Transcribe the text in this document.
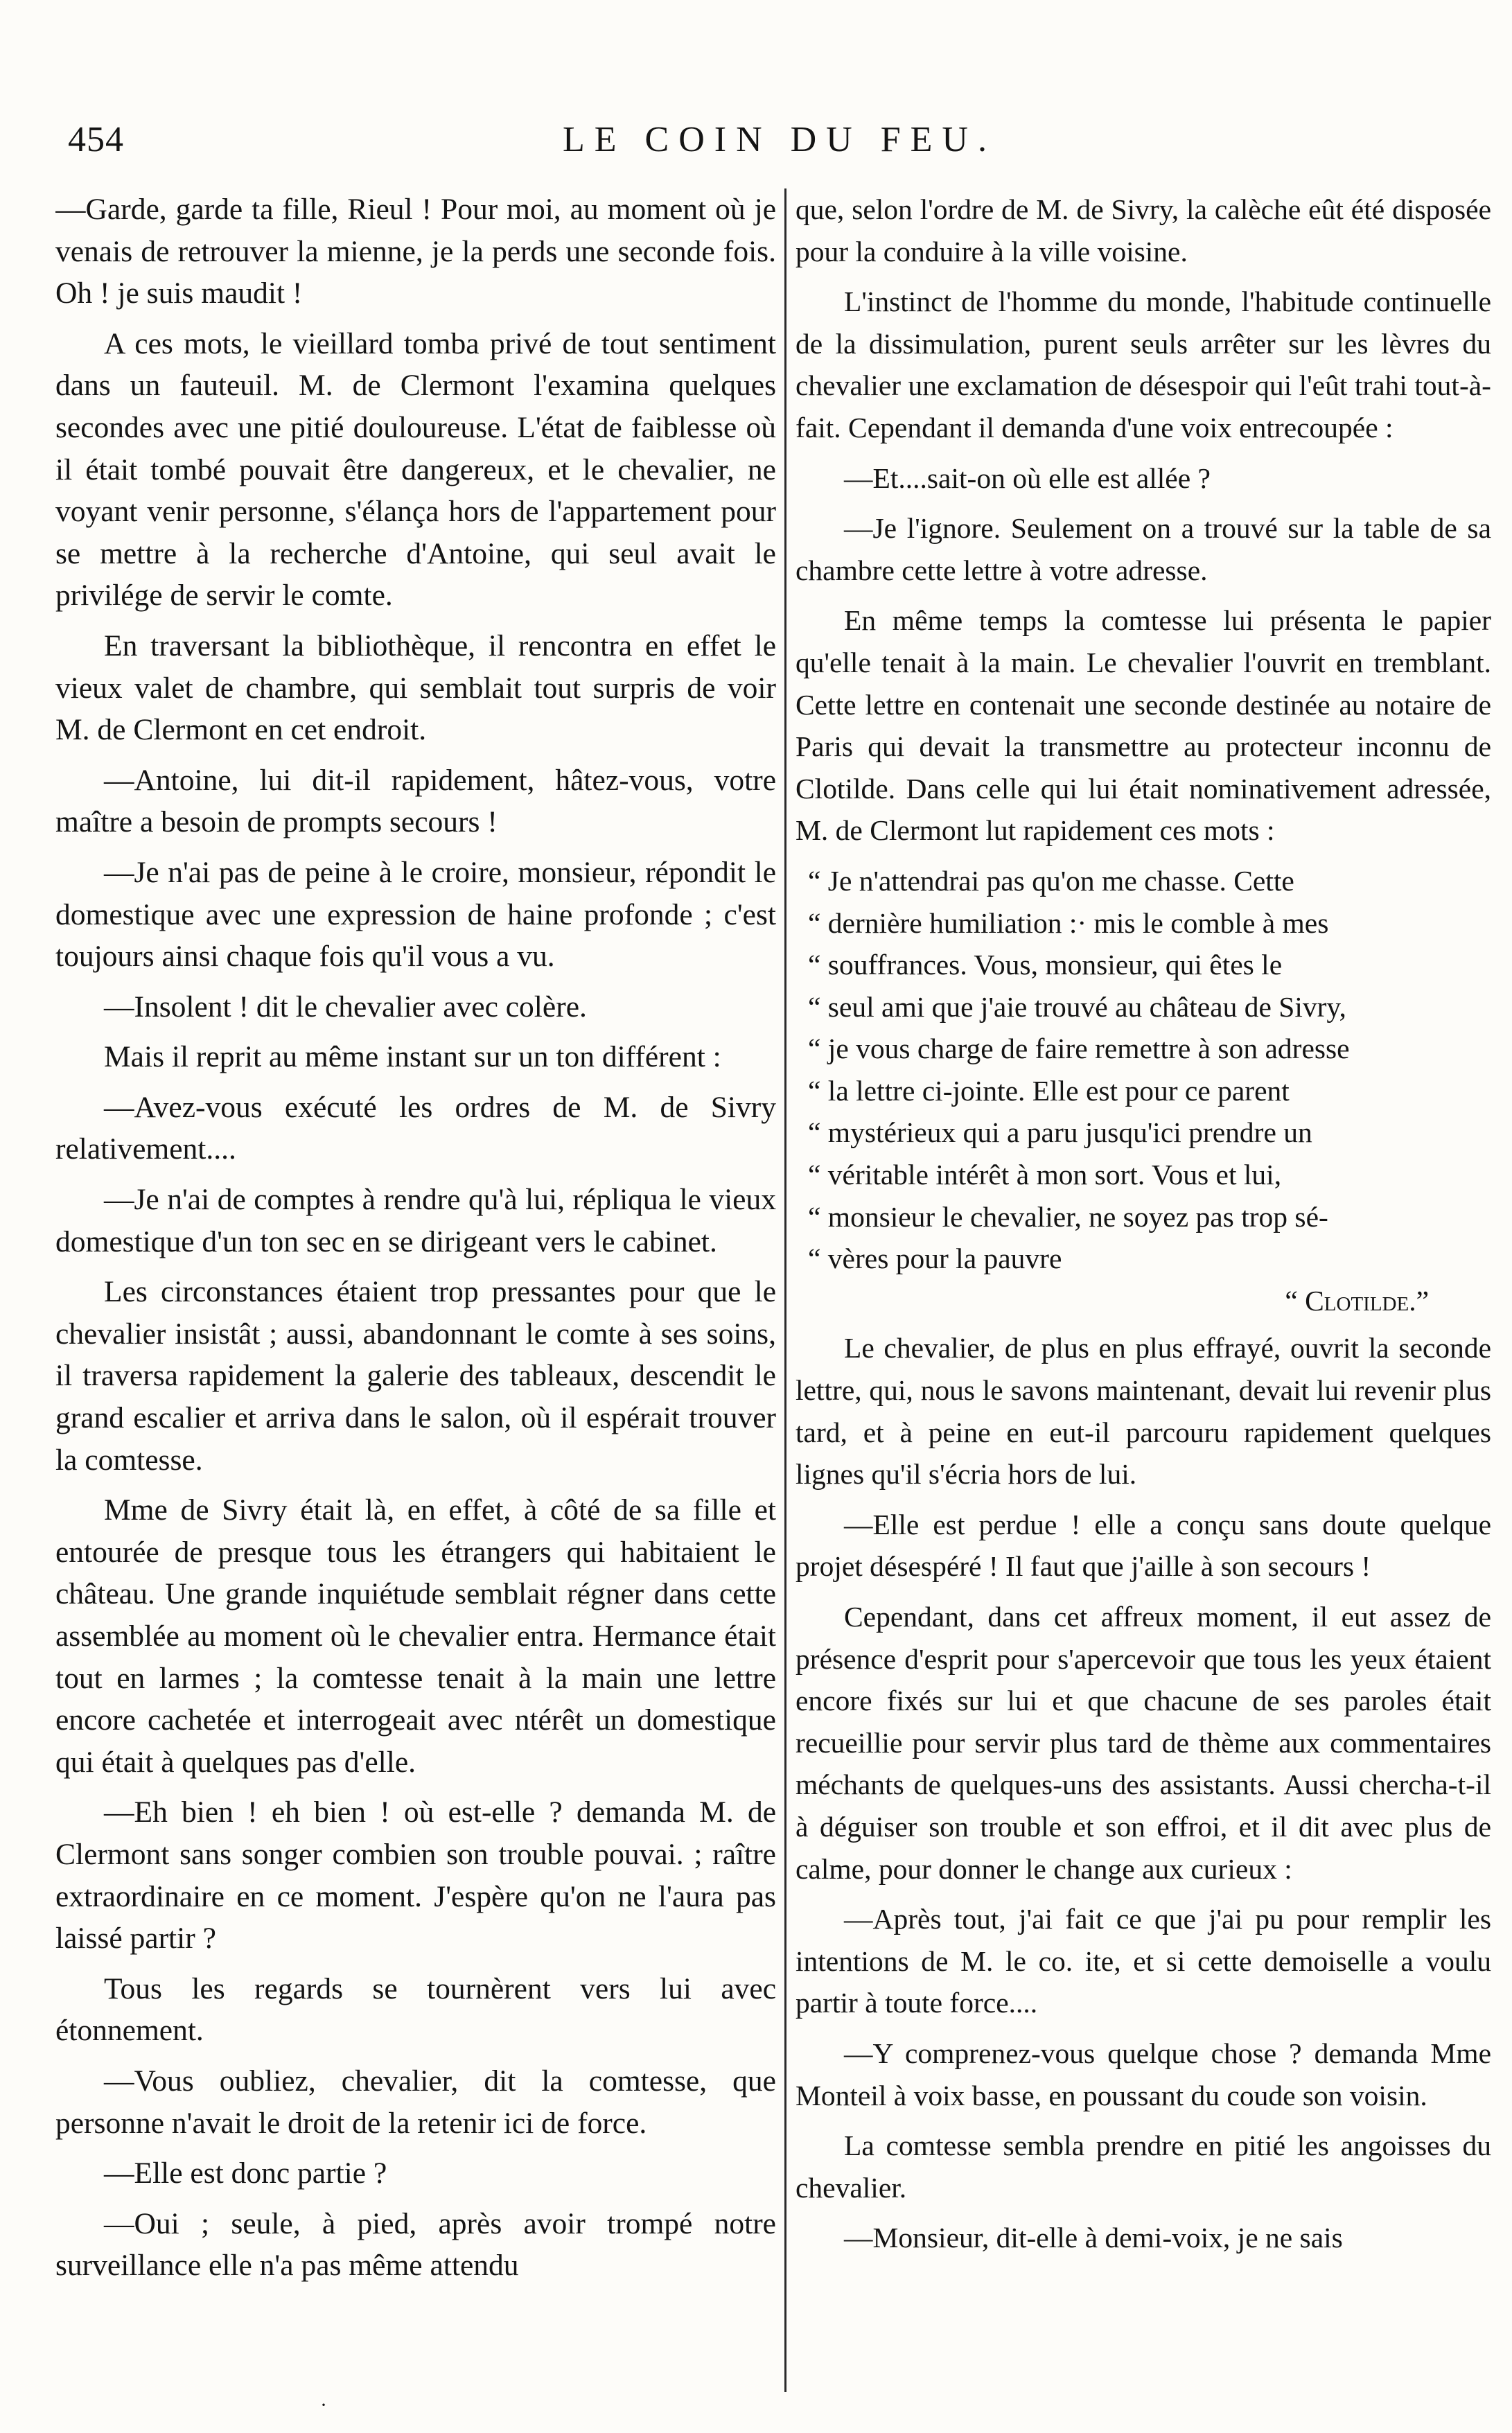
454	LE COIN DU FEU.

—Garde, garde ta fille, Rieul ! Pour moi, au moment où je venais de retrouver la mienne, je la perds une seconde fois. Oh ! je suis maudit !

A ces mots, le vieillard tomba privé de tout sentiment dans un fauteuil. M. de Clermont l'examina quelques secondes avec une pitié douloureuse. L'état de faiblesse où il était tombé pouvait être dangereux, et le chevalier, ne voyant venir personne, s'élança hors de l'appartement pour se mettre à la recherche d'Antoine, qui seul avait le privilége de servir le comte.

En traversant la bibliothèque, il rencontra en effet le vieux valet de chambre, qui semblait tout surpris de voir M. de Clermont en cet endroit.

—Antoine, lui dit-il rapidement, hâtez-vous, votre maître a besoin de prompts secours !

—Je n'ai pas de peine à le croire, monsieur, répondit le domestique avec une expression de haine profonde ; c'est toujours ainsi chaque fois qu'il vous a vu.

—Insolent ! dit le chevalier avec colère.

Mais il reprit au même instant sur un ton différent :

—Avez-vous exécuté les ordres de M. de Sivry relativement....

—Je n'ai de comptes à rendre qu'à lui, répliqua le vieux domestique d'un ton sec en se dirigeant vers le cabinet.

Les circonstances étaient trop pressantes pour que le chevalier insistât ; aussi, abandonnant le comte à ses soins, il traversa rapidement la galerie des tableaux, descendit le grand escalier et arriva dans le salon, où il espérait trouver la comtesse.

Mme de Sivry était là, en effet, à côté de sa fille et entourée de presque tous les étrangers qui habitaient le château. Une grande inquiétude semblait régner dans cette assemblée au moment où le chevalier entra. Hermance était tout en larmes ; la comtesse tenait à la main une lettre encore cachetée et interrogeait avec ntérêt un domestique qui était à quelques pas d'elle.

—Eh bien ! eh bien ! où est-elle ? demanda M. de Clermont sans songer combien son trouble pouvai. ; raître extraordinaire en ce moment. J'espère qu'on ne l'aura pas laissé partir ?

Tous les regards se tournèrent vers lui avec étonnement.

—Vous oubliez, chevalier, dit la comtesse, que personne n'avait le droit de la retenir ici de force.

—Elle est donc partie ?

—Oui ; seule, à pied, après avoir trompé notre surveillance elle n'a pas même attendu

que, selon l'ordre de M. de Sivry, la calèche eût été disposée pour la conduire à la ville voisine.

L'instinct de l'homme du monde, l'habitude continuelle de la dissimulation, purent seuls arrêter sur les lèvres du chevalier une exclamation de désespoir qui l'eût trahi tout-à-fait. Cependant il demanda d'une voix entrecoupée :

—Et....sait-on où elle est allée ?

—Je l'ignore. Seulement on a trouvé sur la table de sa chambre cette lettre à votre adresse.

En même temps la comtesse lui présenta le papier qu'elle tenait à la main. Le chevalier l'ouvrit en tremblant. Cette lettre en contenait une seconde destinée au notaire de Paris qui devait la transmettre au protecteur inconnu de Clotilde. Dans celle qui lui était nominativement adressée, M. de Clermont lut rapidement ces mots :

“ Je n'attendrai pas qu'on me chasse. Cette
“ dernière humiliation :· mis le comble à mes
“ souffrances. Vous, monsieur, qui êtes le
“ seul ami que j'aie trouvé au château de Sivry,
“ je vous charge de faire remettre à son adresse
“ la lettre ci-jointe. Elle est pour ce parent
“ mystérieux qui a paru jusqu'ici prendre un
“ véritable intérêt à mon sort. Vous et lui,
“ monsieur le chevalier, ne soyez pas trop sé-
“ vères pour la pauvre
“ Clotilde.”

Le chevalier, de plus en plus effrayé, ouvrit la seconde lettre, qui, nous le savons maintenant, devait lui revenir plus tard, et à peine en eut-il parcouru rapidement quelques lignes qu'il s'écria hors de lui.

—Elle est perdue ! elle a conçu sans doute quelque projet désespéré ! Il faut que j'aille à son secours !

Cependant, dans cet affreux moment, il eut assez de présence d'esprit pour s'apercevoir que tous les yeux étaient encore fixés sur lui et que chacune de ses paroles était recueillie pour servir plus tard de thème aux commentaires méchants de quelques-uns des assistants. Aussi chercha-t-il à déguiser son trouble et son effroi, et il dit avec plus de calme, pour donner le change aux curieux :

—Après tout, j'ai fait ce que j'ai pu pour remplir les intentions de M. le co. ite, et si cette demoiselle a voulu partir à toute force....

—Y comprenez-vous quelque chose ? demanda Mme Monteil à voix basse, en poussant du coude son voisin.

La comtesse sembla prendre en pitié les angoisses du chevalier.

—Monsieur, dit-elle à demi-voix, je ne sais

·
